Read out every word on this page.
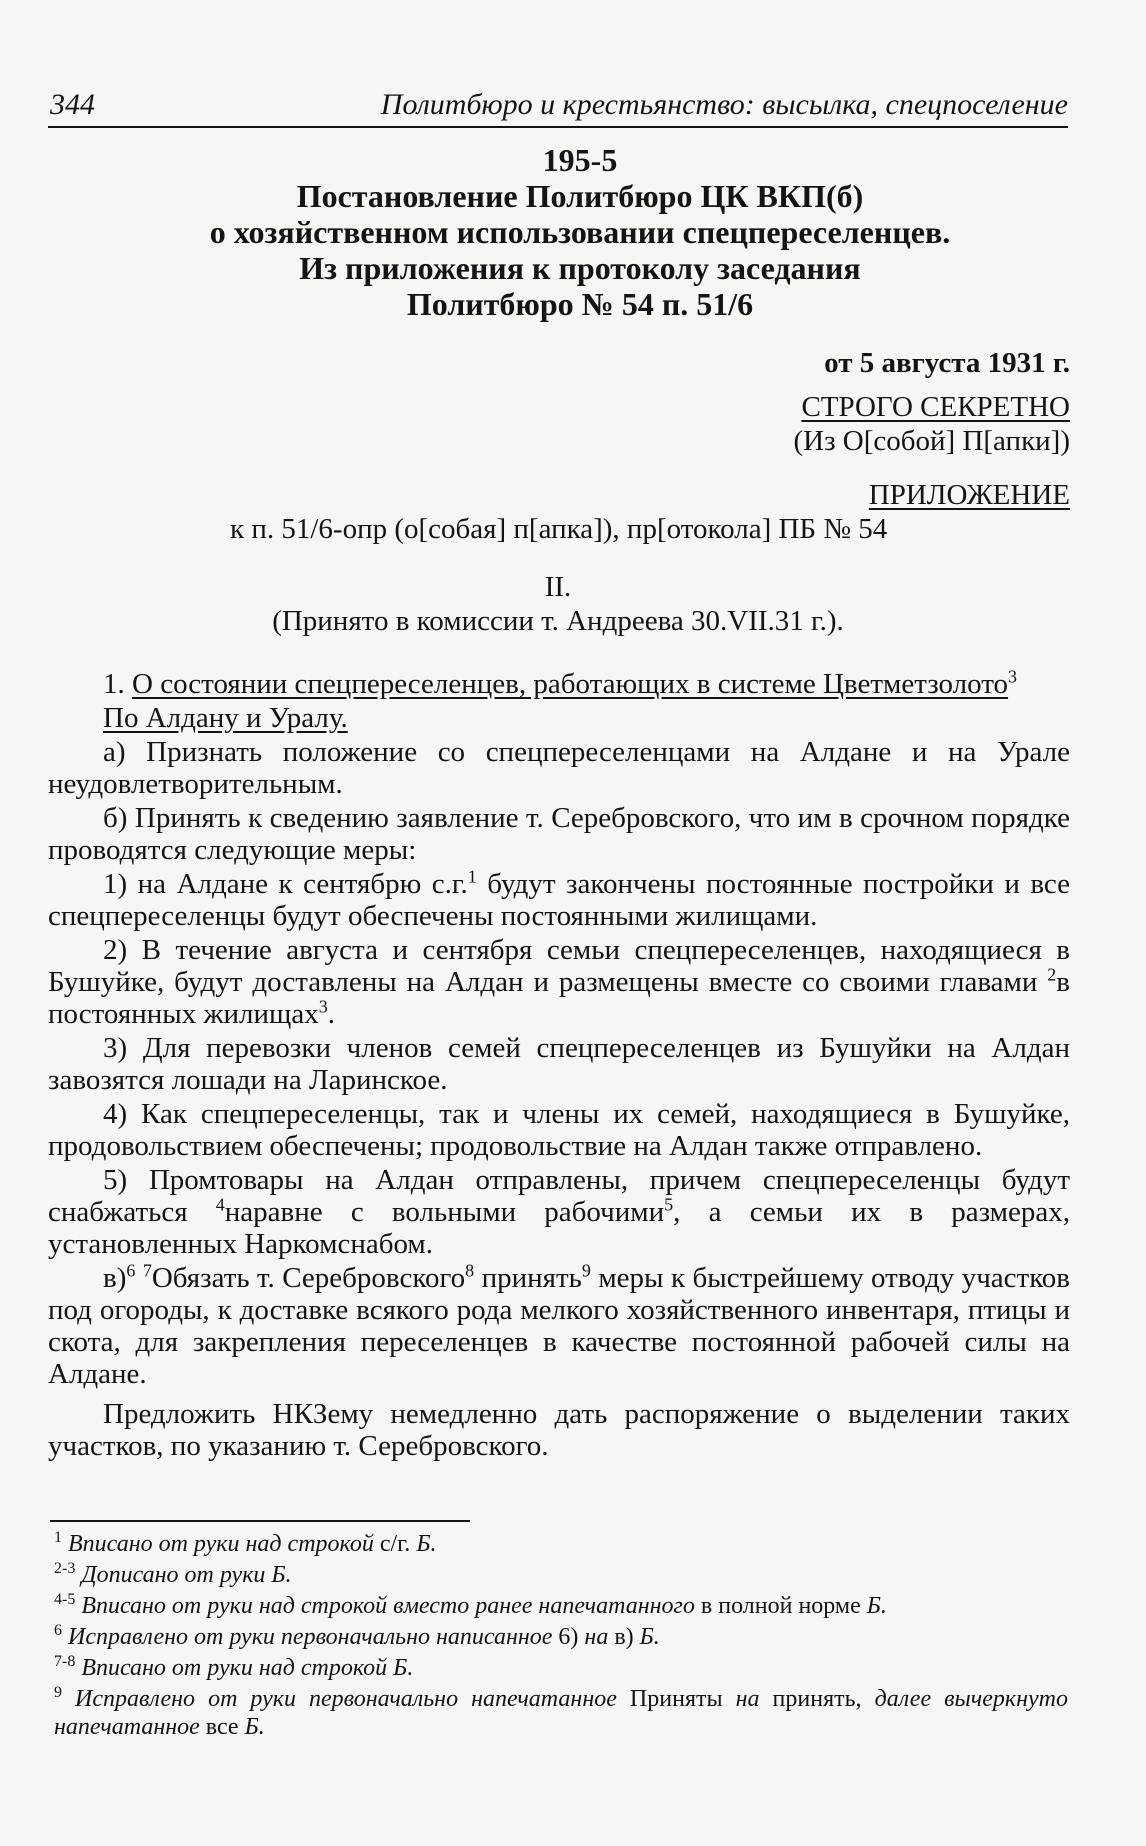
344	Политбюро и крестьянство: высылка, спецпоселение
195-5
Постановление Политбюро ЦК ВКП(б)
о хозяйственном использовании спецпереселенцев.
Из приложения к протоколу заседания
Политбюро № 54 п. 51/6
от 5 августа 1931 г.
СТРОГО СЕКРЕТНО
(Из О[собой] П[апки])
ПРИЛОЖЕНИЕ
к п. 51/6-опр (о[собая] п[апка]), пр[отокола] ПБ № 54
II.
(Принято в комиссии т. Андреева 30.VII.31 г.).

1. О состоянии спецпереселенцев, работающих в системе Цветметзолото$^3$

По Алдану и Уралу.

а) Признать положение со спецпереселенцами на Алдане и на Урале неудовлетворительным.

б) Принять к сведению заявление т. Серебровского, что им в срочном порядке проводятся следующие меры:

1) на Алдане к сентябрю с.г.$^1$ будут закончены постоянные постройки и все спецпереселенцы будут обеспечены постоянными жилищами.

2) В течение августа и сентября семьи спецпереселенцев, находящиеся в Бушуйке, будут доставлены на Алдан и размещены вместе со своими главами $^2$в постоянных жилищах$^3$.

3) Для перевозки членов семей спецпереселенцев из Бушуйки на Алдан завозятся лошади на Ларинское.

4) Как спецпереселенцы, так и члены их семей, находящиеся в Бушуйке, продовольствием обеспечены; продовольствие на Алдан также отправлено.

5) Промтовары на Алдан отправлены, причем спецпереселенцы будут снабжаться $^4$наравне с вольными рабочими$^5$, а семьи их в размерах, установленных Наркомснабом.

в)$^6$ $^7$Обязать т. Серебровского$^8$ принять$^9$ меры к быстрейшему отводу участков под огороды, к доставке всякого рода мелкого хозяйственного инвентаря, птицы и скота, для закрепления переселенцев в качестве постоянной рабочей силы на Алдане.

Предложить НКЗему немедленно дать распоряжение о выделении таких участков, по указанию т. Серебровского.

$^1$ Вписано от руки над строкой с/г. Б.
$^{2-3}$ Дописано от руки Б.
$^{4-5}$ Вписано от руки над строкой вместо ранее напечатанного в полной норме Б.
$^6$ Исправлено от руки первоначально написанное 6) на в) Б.
$^{7-8}$ Вписано от руки над строкой Б.
$^9$ Исправлено от руки первоначально напечатанное Приняты на принять, далее вычеркнуто напечатанное все Б.
